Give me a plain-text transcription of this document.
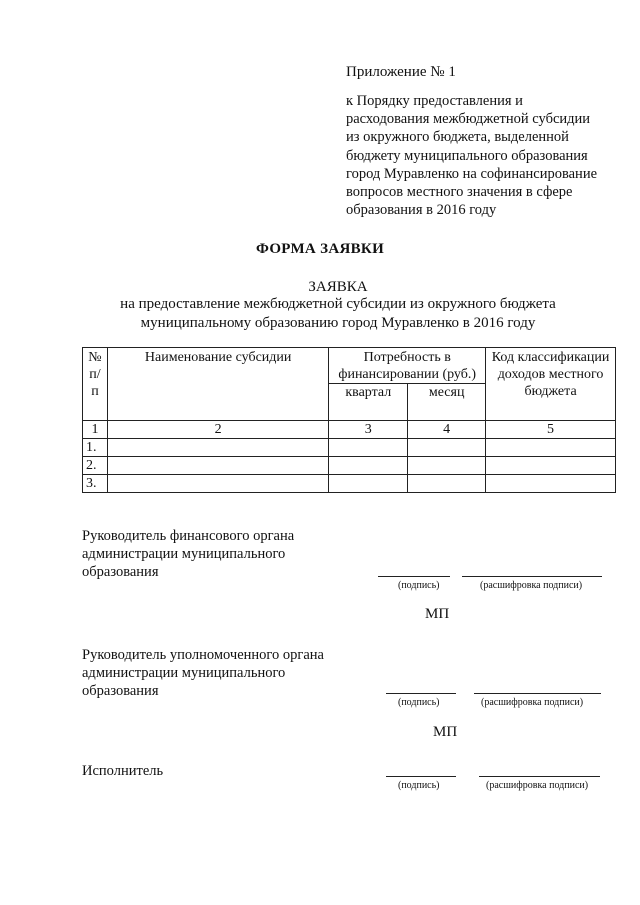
Приложение № 1
к Порядку предоставления и
расходования межбюджетной субсидии
из окружного бюджета, выделенной
бюджету муниципального образования
город Муравленко на софинансирование
вопросов местного значения в сфере
образования в 2016 году
ФОРМА ЗАЯВКИ
ЗАЯВКА
на предоставление межбюджетной субсидии из окружного бюджета
муниципальному образованию город Муравленко в 2016 году
№ п/п	Наименование субсидии	Потребность в финансировании (руб.)		Код классификации доходов местного бюджета
		квартал	месяц	
1	2	3	4	5
1.				
2.				
3.				
Руководитель финансового органа
администрации муниципального
образования
(подпись)	(расшифровка подписи)
МП
Руководитель уполномоченного органа
администрации муниципального
образования
(подпись)	(расшифровка подписи)
МП
Исполнитель
(подпись)	(расшифровка подписи)
